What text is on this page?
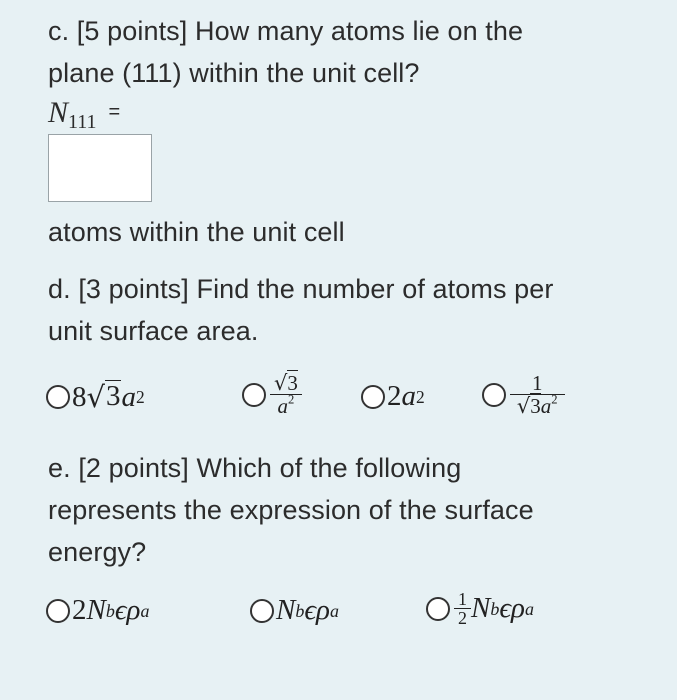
c. [5 points] How many atoms lie on the
plane (111) within the unit cell?
N 111 =
atoms within the unit cell
d. [3 points] Find the number of atoms per
unit surface area.
8 √ 3 a 2	$\frac{√3}{a^2}$	2 a 2	$\frac{1}{√3a^2}$
e. [2 points] Which of the following
represents the expression of the surface
energy?
2 N b ϵ ρ a	N b ϵ ρ a	$\frac{1}{2}$ N b ϵ ρ a
